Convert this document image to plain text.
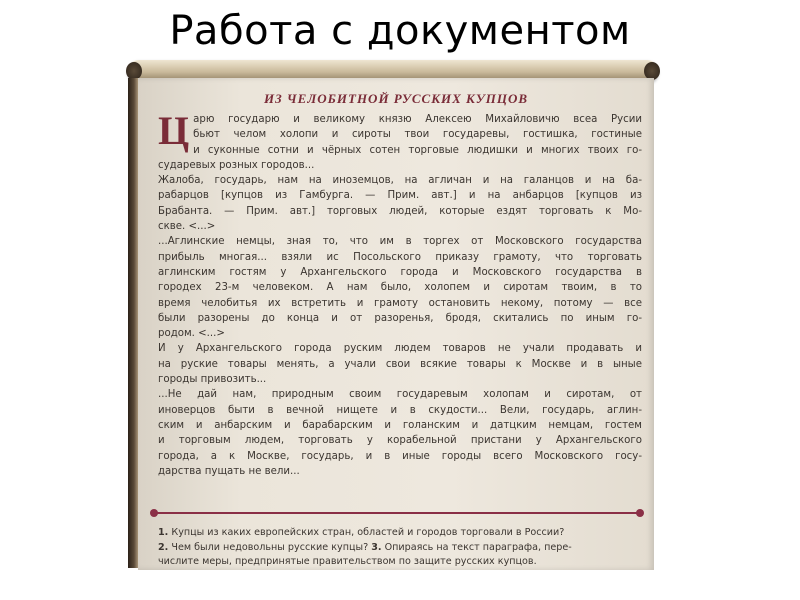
Работа с документом
ИЗ ЧЕЛОБИТНОЙ РУССКИХ КУПЦОВ
Ц арю государю и великому князю Алексею Михайловичю всеа Русии
бьют челом холопи и сироты твои государевы, гостишка, гостиные
и суконные сотни и чёрных сотен торговые людишки и многих твоих го-
сударевых розных городов...
Жалоба, государь, нам на иноземцов, на агличан и на галанцов и на ба-
рабарцов [купцов из Гамбурга. — Прим. авт.] и на анбарцов [купцов из
Брабанта. — Прим. авт.] торговых людей, которые ездят торговать к Мо-
скве. <...>
...Аглинские немцы, зная то, что им в торгех от Московского государства
прибыль многая... взяли ис Посольского приказу грамоту, что торговать
аглинским гостям у Архангельского города и Московского государства в
городех 23-м человеком. А нам было, холопем и сиротам твоим, в то
время челобитья их встретить и грамоту остановить некому, потому — все
были разорены до конца и от разоренья, бродя, скитались по иным го-
родом. <...>
И у Архангельского города руским людем товаров не учали продавать и
на руские товары менять, а учали свои всякие товары к Москве и в ыные
городы привозить...
...Не дай нам, природным своим государевым холопам и сиротам, от
иноверцов быти в вечной нищете и в скудости... Вели, государь, аглин-
ским и анбарским и барабарским и голанским и датцким немцам, гостем
и торговым людем, торговать у корабельной пристани у Архангельского
города, а к Москве, государь, и в иные городы всего Московского госу-
дарства пущать не вели...
1. Купцы из каких европейских стран, областей и городов торговали в России?
2. Чем были недовольны русские купцы? 3. Опираясь на текст параграфа, пере-
числите меры, предпринятые правительством по защите русских купцов.
